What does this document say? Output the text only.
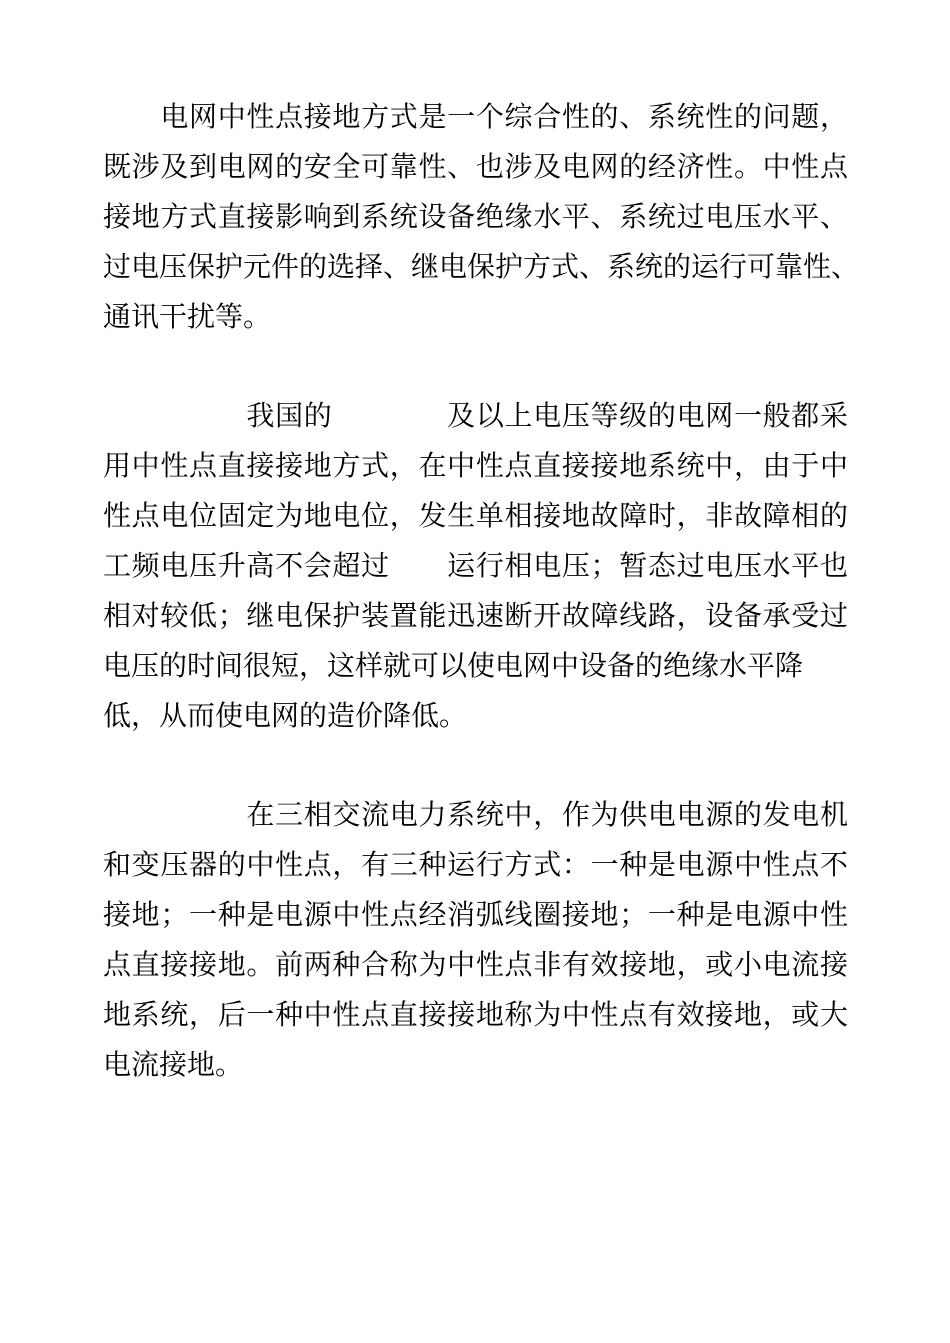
　　电网中性点接地方式是一个综合性的、系统性的问题，
既涉及到电网的安全可靠性、也涉及电网的经济性。中性点
接地方式直接影响到系统设备绝缘水平、系统过电压水平、
过电压保护元件的选择、继电保护方式、系统的运行可靠性、
通讯干扰等。
　　　　　我国的　　　　及以上电压等级的电网一般都采
用中性点直接接地方式，在中性点直接接地系统中，由于中
性点电位固定为地电位，发生单相接地故障时，非故障相的
工频电压升高不会超过　　运行相电压；暂态过电压水平也
相对较低；继电保护装置能迅速断开故障线路，设备承受过
电压的时间很短，这样就可以使电网中设备的绝缘水平降
低，从而使电网的造价降低。
　　　　　在三相交流电力系统中，作为供电电源的发电机
和变压器的中性点，有三种运行方式：一种是电源中性点不
接地；一种是电源中性点经消弧线圈接地；一种是电源中性
点直接接地。前两种合称为中性点非有效接地，或小电流接
地系统，后一种中性点直接接地称为中性点有效接地，或大
电流接地。
